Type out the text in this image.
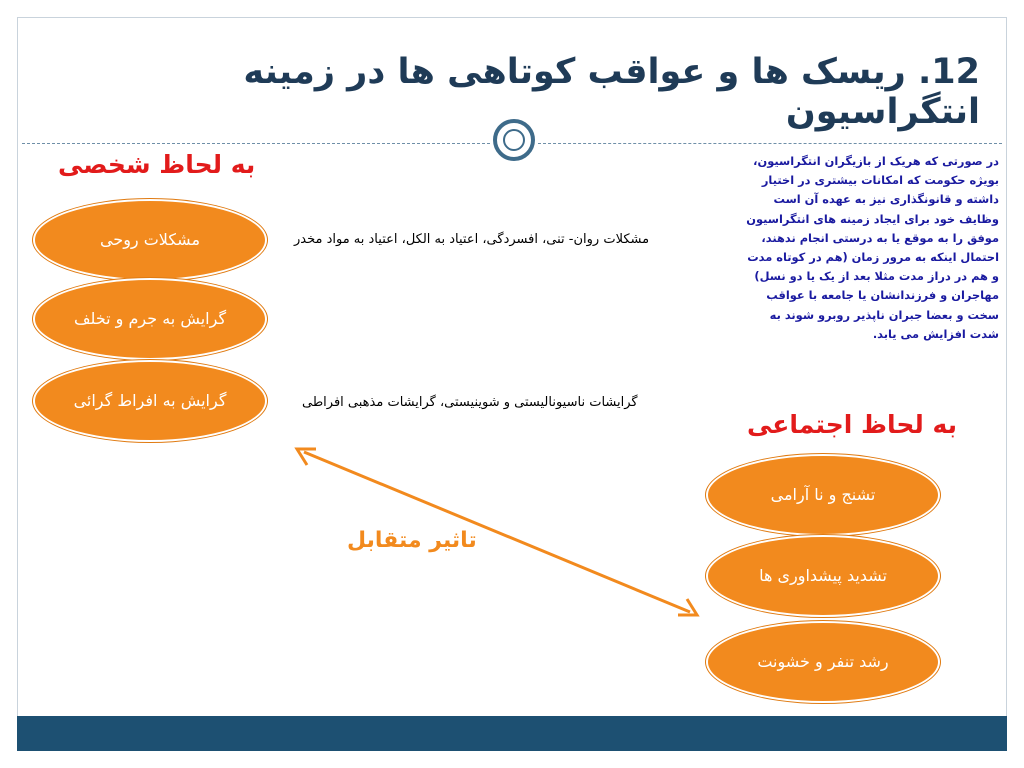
12. ریسک ها و عواقب کوتاهی ها در زمینه انتگراسیون
به لحاظ شخصی
مشکلات روحی
گرایش به جرم و تخلف
گرایش به افراط گرائی
مشکلات روان- تنی، افسردگی، اعتیاد به الکل، اعتیاد به مواد مخدر
گرایشات ناسیونالیستی و شوینیستی، گرایشات مذهبی افراطی
در صورتی که هریک از بازیگران انتگراسیون، بویژه حکومت که امکانات بیشتری در اختیار داشته و قانونگذاری نیز به عهده آن است وظایف خود برای ایجاد زمینه های انتگراسیون موفق را به موقع یا به درستی انجام ندهند، احتمال اینکه به مرور زمان (هم در کوتاه مدت و هم در دراز مدت مثلا بعد از یک یا دو نسل) مهاجران و فرزندانشان یا جامعه با عواقب سخت و بعضا جبران ناپذیر روبرو شوند به شدت افزایش می یابد.
به لحاظ اجتماعی
تشنج و نا آرامی
تشدید پیشداوری ها
رشد تنفر و خشونت
تاثیر متقابل
